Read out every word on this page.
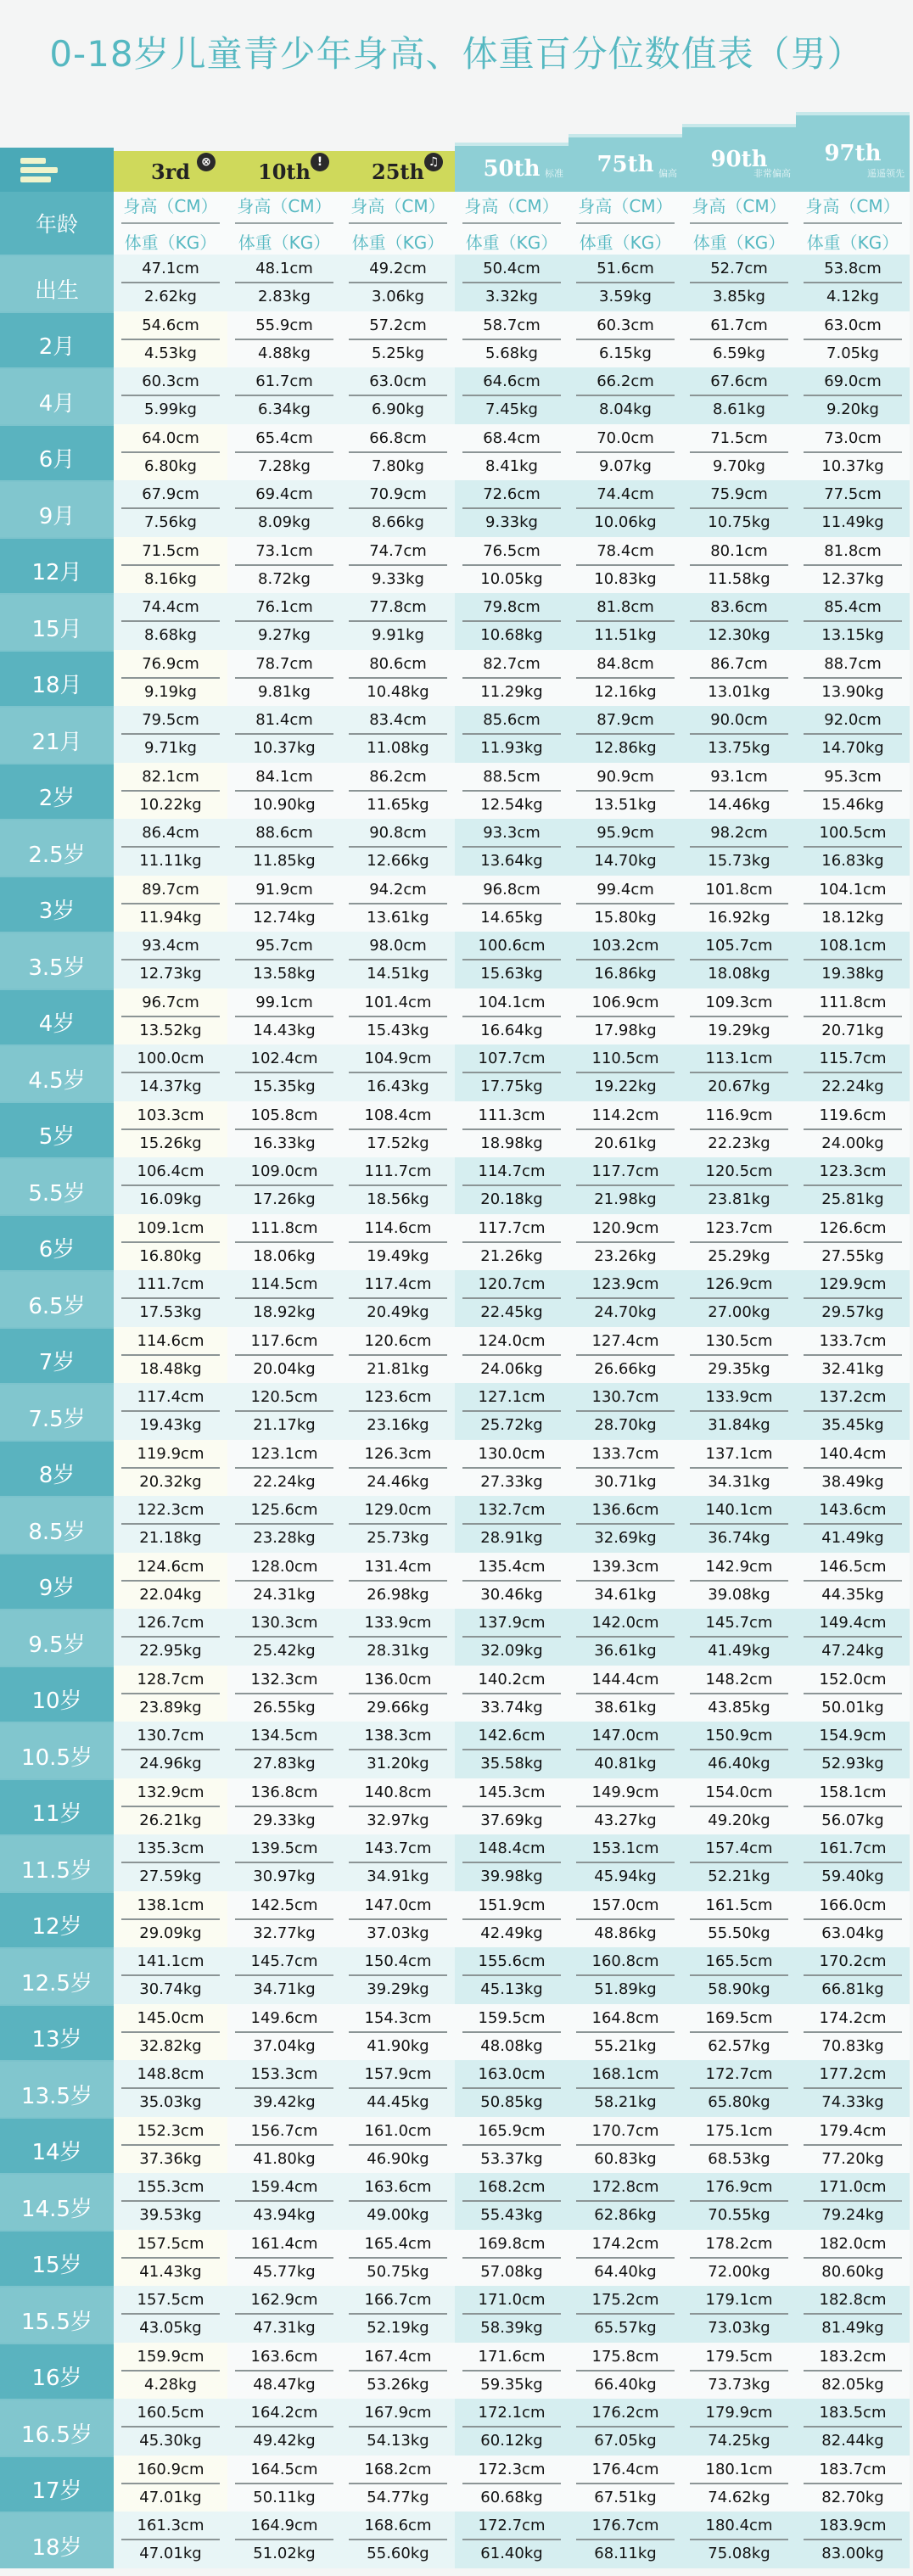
0-18岁儿童青少年身高、体重百分位数值表（男）
3rd ⊗ 10th !	25th ♫ 50th 标准 75th 偏高
90th
非常偏高
97th
遥遥领先
年龄
身高（CM）
体重（KG）
身高（CM）
体重（KG）
身高（CM）
体重（KG）
身高（CM）
体重（KG）
身高（CM）
体重（KG）
身高（CM）
体重（KG）
身高（CM）
体重（KG）
出生
47.1cm
2.62kg
48.1cm
2.83kg
49.2cm
3.06kg
50.4cm
3.32kg
51.6cm
3.59kg
52.7cm
3.85kg
53.8cm
4.12kg
2月
54.6cm
4.53kg
55.9cm
4.88kg
57.2cm
5.25kg
58.7cm
5.68kg
60.3cm
6.15kg
61.7cm
6.59kg
63.0cm
7.05kg
4月
60.3cm
5.99kg
61.7cm
6.34kg
63.0cm
6.90kg
64.6cm
7.45kg
66.2cm
8.04kg
67.6cm
8.61kg
69.0cm
9.20kg
6月
64.0cm
6.80kg
65.4cm
7.28kg
66.8cm
7.80kg
68.4cm
8.41kg
70.0cm
9.07kg
71.5cm
9.70kg
73.0cm
10.37kg
9月
67.9cm
7.56kg
69.4cm
8.09kg
70.9cm
8.66kg
72.6cm
9.33kg
74.4cm
10.06kg
75.9cm
10.75kg
77.5cm
11.49kg
12月
71.5cm
8.16kg
73.1cm
8.72kg
74.7cm
9.33kg
76.5cm
10.05kg
78.4cm
10.83kg
80.1cm
11.58kg
81.8cm
12.37kg
15月
74.4cm
8.68kg
76.1cm
9.27kg
77.8cm
9.91kg
79.8cm
10.68kg
81.8cm
11.51kg
83.6cm
12.30kg
85.4cm
13.15kg
18月
76.9cm
9.19kg
78.7cm
9.81kg
80.6cm
10.48kg
82.7cm
11.29kg
84.8cm
12.16kg
86.7cm
13.01kg
88.7cm
13.90kg
21月
79.5cm
9.71kg
81.4cm
10.37kg
83.4cm
11.08kg
85.6cm
11.93kg
87.9cm
12.86kg
90.0cm
13.75kg
92.0cm
14.70kg
2岁
82.1cm
10.22kg
84.1cm
10.90kg
86.2cm
11.65kg
88.5cm
12.54kg
90.9cm
13.51kg
93.1cm
14.46kg
95.3cm
15.46kg
2.5岁
86.4cm
11.11kg
88.6cm
11.85kg
90.8cm
12.66kg
93.3cm
13.64kg
95.9cm
14.70kg
98.2cm
15.73kg
100.5cm
16.83kg
3岁
89.7cm
11.94kg
91.9cm
12.74kg
94.2cm
13.61kg
96.8cm
14.65kg
99.4cm
15.80kg
101.8cm
16.92kg
104.1cm
18.12kg
3.5岁
93.4cm
12.73kg
95.7cm
13.58kg
98.0cm
14.51kg
100.6cm
15.63kg
103.2cm
16.86kg
105.7cm
18.08kg
108.1cm
19.38kg
4岁
96.7cm
13.52kg
99.1cm
14.43kg
101.4cm
15.43kg
104.1cm
16.64kg
106.9cm
17.98kg
109.3cm
19.29kg
111.8cm
20.71kg
4.5岁
100.0cm
14.37kg
102.4cm
15.35kg
104.9cm
16.43kg
107.7cm
17.75kg
110.5cm
19.22kg
113.1cm
20.67kg
115.7cm
22.24kg
5岁
103.3cm
15.26kg
105.8cm
16.33kg
108.4cm
17.52kg
111.3cm
18.98kg
114.2cm
20.61kg
116.9cm
22.23kg
119.6cm
24.00kg
5.5岁
106.4cm
16.09kg
109.0cm
17.26kg
111.7cm
18.56kg
114.7cm
20.18kg
117.7cm
21.98kg
120.5cm
23.81kg
123.3cm
25.81kg
6岁
109.1cm
16.80kg
111.8cm
18.06kg
114.6cm
19.49kg
117.7cm
21.26kg
120.9cm
23.26kg
123.7cm
25.29kg
126.6cm
27.55kg
6.5岁
111.7cm
17.53kg
114.5cm
18.92kg
117.4cm
20.49kg
120.7cm
22.45kg
123.9cm
24.70kg
126.9cm
27.00kg
129.9cm
29.57kg
7岁
114.6cm
18.48kg
117.6cm
20.04kg
120.6cm
21.81kg
124.0cm
24.06kg
127.4cm
26.66kg
130.5cm
29.35kg
133.7cm
32.41kg
7.5岁
117.4cm
19.43kg
120.5cm
21.17kg
123.6cm
23.16kg
127.1cm
25.72kg
130.7cm
28.70kg
133.9cm
31.84kg
137.2cm
35.45kg
8岁
119.9cm
20.32kg
123.1cm
22.24kg
126.3cm
24.46kg
130.0cm
27.33kg
133.7cm
30.71kg
137.1cm
34.31kg
140.4cm
38.49kg
8.5岁
122.3cm
21.18kg
125.6cm
23.28kg
129.0cm
25.73kg
132.7cm
28.91kg
136.6cm
32.69kg
140.1cm
36.74kg
143.6cm
41.49kg
9岁
124.6cm
22.04kg
128.0cm
24.31kg
131.4cm
26.98kg
135.4cm
30.46kg
139.3cm
34.61kg
142.9cm
39.08kg
146.5cm
44.35kg
9.5岁
126.7cm
22.95kg
130.3cm
25.42kg
133.9cm
28.31kg
137.9cm
32.09kg
142.0cm
36.61kg
145.7cm
41.49kg
149.4cm
47.24kg
10岁
128.7cm
23.89kg
132.3cm
26.55kg
136.0cm
29.66kg
140.2cm
33.74kg
144.4cm
38.61kg
148.2cm
43.85kg
152.0cm
50.01kg
10.5岁
130.7cm
24.96kg
134.5cm
27.83kg
138.3cm
31.20kg
142.6cm
35.58kg
147.0cm
40.81kg
150.9cm
46.40kg
154.9cm
52.93kg
11岁
132.9cm
26.21kg
136.8cm
29.33kg
140.8cm
32.97kg
145.3cm
37.69kg
149.9cm
43.27kg
154.0cm
49.20kg
158.1cm
56.07kg
11.5岁
135.3cm
27.59kg
139.5cm
30.97kg
143.7cm
34.91kg
148.4cm
39.98kg
153.1cm
45.94kg
157.4cm
52.21kg
161.7cm
59.40kg
12岁
138.1cm
29.09kg
142.5cm
32.77kg
147.0cm
37.03kg
151.9cm
42.49kg
157.0cm
48.86kg
161.5cm
55.50kg
166.0cm
63.04kg
12.5岁
141.1cm
30.74kg
145.7cm
34.71kg
150.4cm
39.29kg
155.6cm
45.13kg
160.8cm
51.89kg
165.5cm
58.90kg
170.2cm
66.81kg
13岁
145.0cm
32.82kg
149.6cm
37.04kg
154.3cm
41.90kg
159.5cm
48.08kg
164.8cm
55.21kg
169.5cm
62.57kg
174.2cm
70.83kg
13.5岁
148.8cm
35.03kg
153.3cm
39.42kg
157.9cm
44.45kg
163.0cm
50.85kg
168.1cm
58.21kg
172.7cm
65.80kg
177.2cm
74.33kg
14岁
152.3cm
37.36kg
156.7cm
41.80kg
161.0cm
46.90kg
165.9cm
53.37kg
170.7cm
60.83kg
175.1cm
68.53kg
179.4cm
77.20kg
14.5岁
155.3cm
39.53kg
159.4cm
43.94kg
163.6cm
49.00kg
168.2cm
55.43kg
172.8cm
62.86kg
176.9cm
70.55kg
171.0cm
79.24kg
15岁
157.5cm
41.43kg
161.4cm
45.77kg
165.4cm
50.75kg
169.8cm
57.08kg
174.2cm
64.40kg
178.2cm
72.00kg
182.0cm
80.60kg
15.5岁
157.5cm
43.05kg
162.9cm
47.31kg
166.7cm
52.19kg
171.0cm
58.39kg
175.2cm
65.57kg
179.1cm
73.03kg
182.8cm
81.49kg
16岁
159.9cm
4.28kg
163.6cm
48.47kg
167.4cm
53.26kg
171.6cm
59.35kg
175.8cm
66.40kg
179.5cm
73.73kg
183.2cm
82.05kg
16.5岁
160.5cm
45.30kg
164.2cm
49.42kg
167.9cm
54.13kg
172.1cm
60.12kg
176.2cm
67.05kg
179.9cm
74.25kg
183.5cm
82.44kg
17岁
160.9cm
47.01kg
164.5cm
50.11kg
168.2cm
54.77kg
172.3cm
60.68kg
176.4cm
67.51kg
180.1cm
74.62kg
183.7cm
82.70kg
18岁
161.3cm
47.01kg
164.9cm
51.02kg
168.6cm
55.60kg
172.7cm
61.40kg
176.7cm
68.11kg
180.4cm
75.08kg
183.9cm
83.00kg
